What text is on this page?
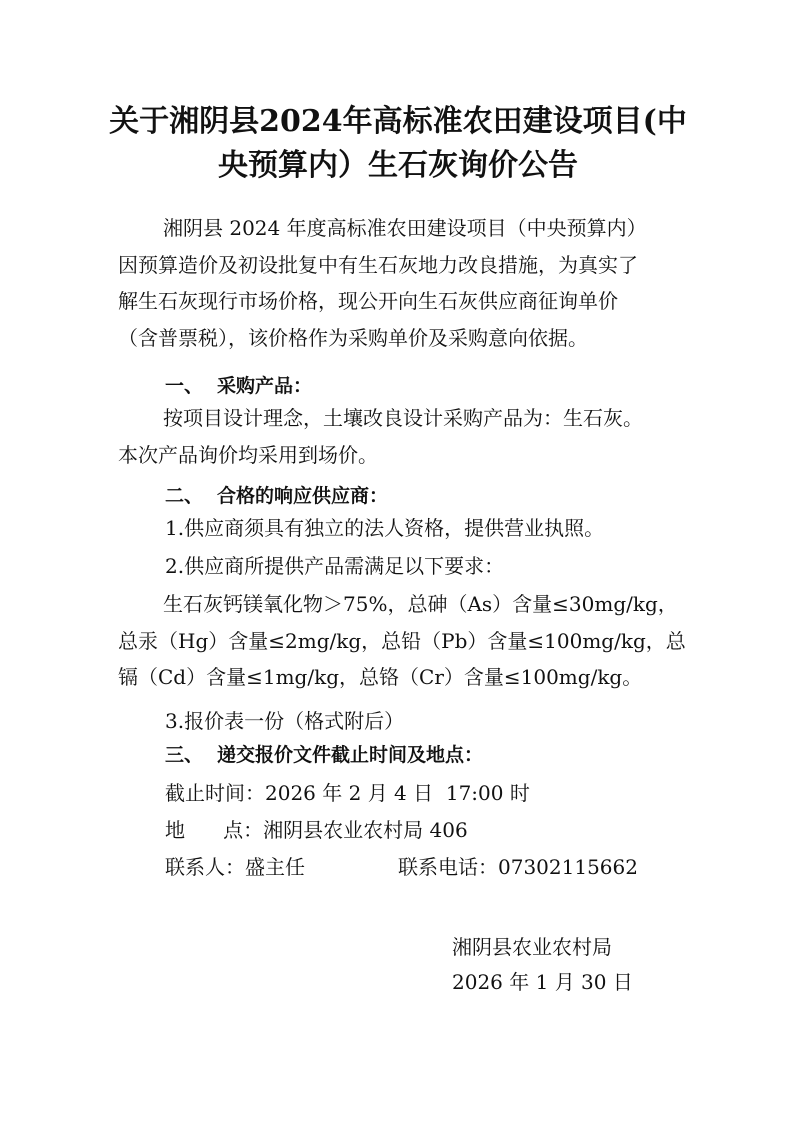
关于湘阴县2024年高标准农田建设项目(中
央预算内）生石灰询价公告
湘阴县 2024 年度高标准农田建设项目（中央预算内）
因预算造价及初设批复中有生石灰地力改良措施，为真实了
解生石灰现行市场价格，现公开向生石灰供应商征询单价
（含普票税），该价格作为采购单价及采购意向依据。
一、 采购产品：
按项目设计理念，土壤改良设计采购产品为：生石灰。
本次产品询价均采用到场价。
二、 合格的响应供应商：
1.供应商须具有独立的法人资格，提供营业执照。
2.供应商所提供产品需满足以下要求：
生石灰钙镁氧化物＞75%，总砷（As）含量≤30mg/kg，
总汞（Hg）含量≤2mg/kg，总铅（Pb）含量≤100mg/kg，总
镉（Cd）含量≤1mg/kg，总铬（Cr）含量≤100mg/kg。
3.报价表一份（格式附后）
三、 递交报价文件截止时间及地点：
截止时间：2026 年 2 月 4 日  17:00 时
地      点：湘阴县农业农村局 406
联系人：盛主任	联系电话：07302115662
湘阴县农业农村局
2026 年 1 月 30 日
